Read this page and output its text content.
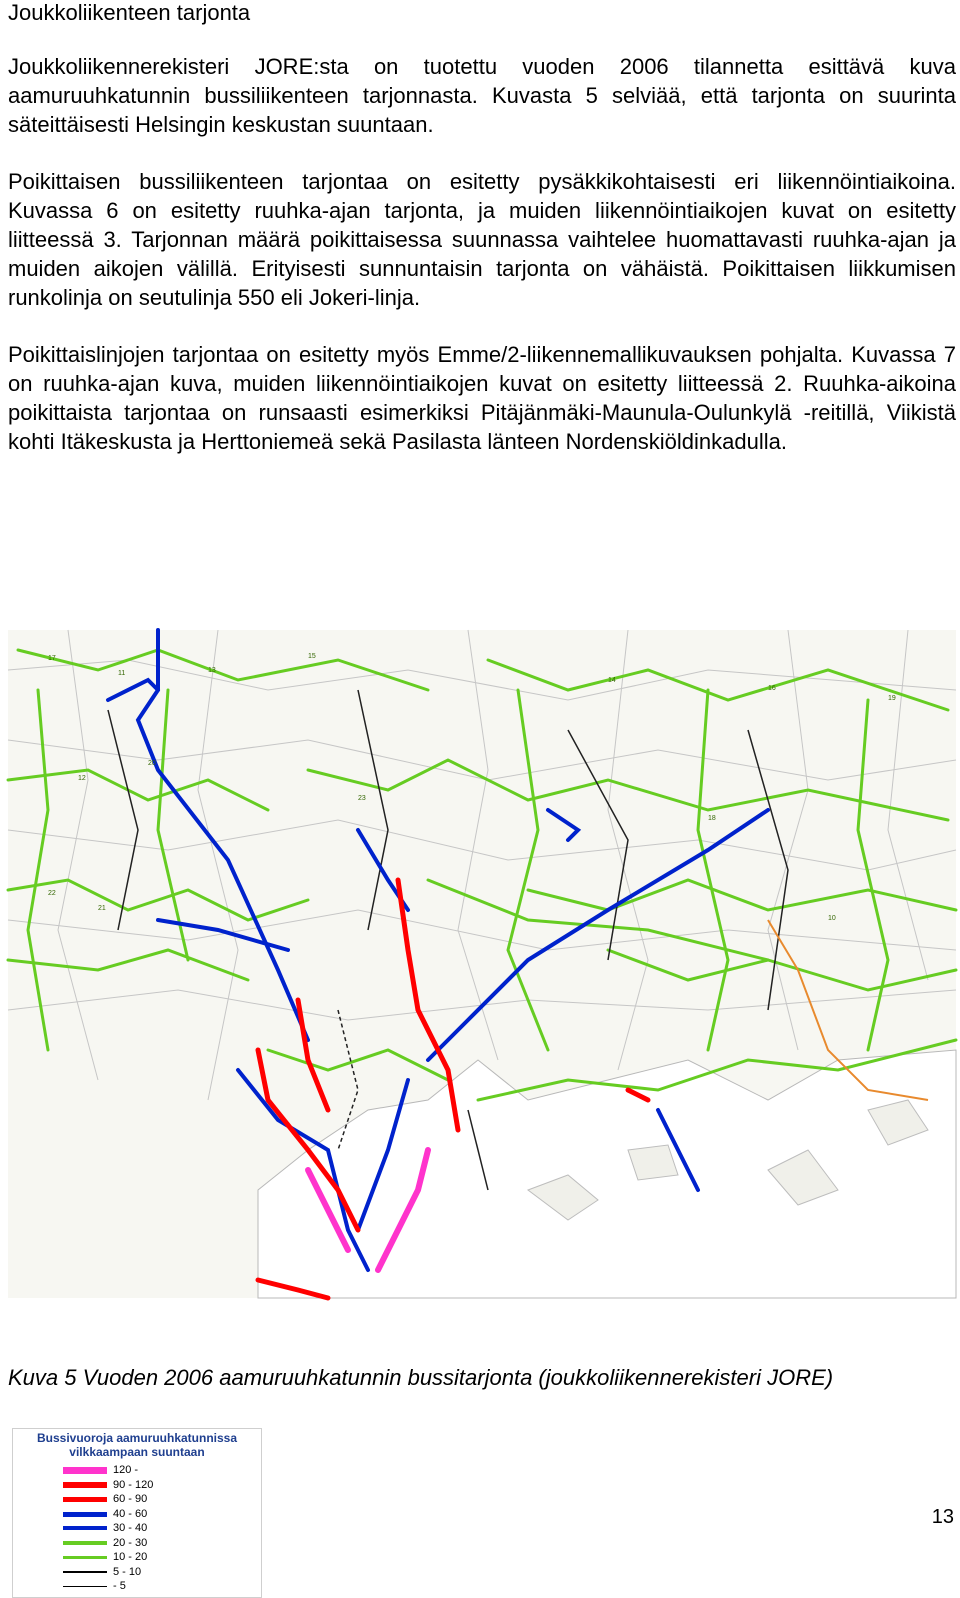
Joukkoliikenteen tarjonta

Joukkoliikennerekisteri JORE:sta on tuotettu vuoden 2006 tilannetta esittävä kuva aamuruuhkatunnin bussiliikenteen tarjonnasta. Kuvasta 5 selviää, että tarjonta on suurinta säteittäisesti Helsingin keskustan suuntaan.

Poikittaisen bussiliikenteen tarjontaa on esitetty pysäkkikohtaisesti eri liikennöintiaikoina. Kuvassa 6 on esitetty ruuhka-ajan tarjonta, ja muiden liikennöintiaikojen kuvat on esitetty liitteessä 3. Tarjonnan määrä poikittaisessa suunnassa vaihtelee huomattavasti ruuhka-ajan ja muiden aikojen välillä. Erityisesti sunnuntaisin tarjonta on vähäistä. Poikittaisen liikkumisen runkolinja on seutulinja 550 eli Jokeri-linja.

Poikittaislinjojen tarjontaa on esitetty myös Emme/2-liikennemallikuvauksen pohjalta. Kuvassa 7 on ruuhka-ajan kuva, muiden liikennöintiaikojen kuvat on esitetty liitteessä 2. Ruuhka-aikoina poikittaista tarjontaa on runsaasti esimerkiksi Pitäjänmäki-Maunula-Oulunkylä -reitillä, Viikistä kohti Itäkeskusta ja Herttoniemeä sekä Pasilasta länteen Nordenskiöldinkadulla.

17
11	13
15
14
16
19
12
20
22
21
23
18
10
Bussivuoroja aamuruuhkatunnissa
vilkkaampaan suuntaan
120 -
90 - 120
60 - 90
40 - 60
30 - 40
20 - 30
10 - 20
5 - 10
- 5
Kuva 5 Vuoden 2006 aamuruuhkatunnin bussitarjonta (joukkoliikennerekisteri JORE)
13
